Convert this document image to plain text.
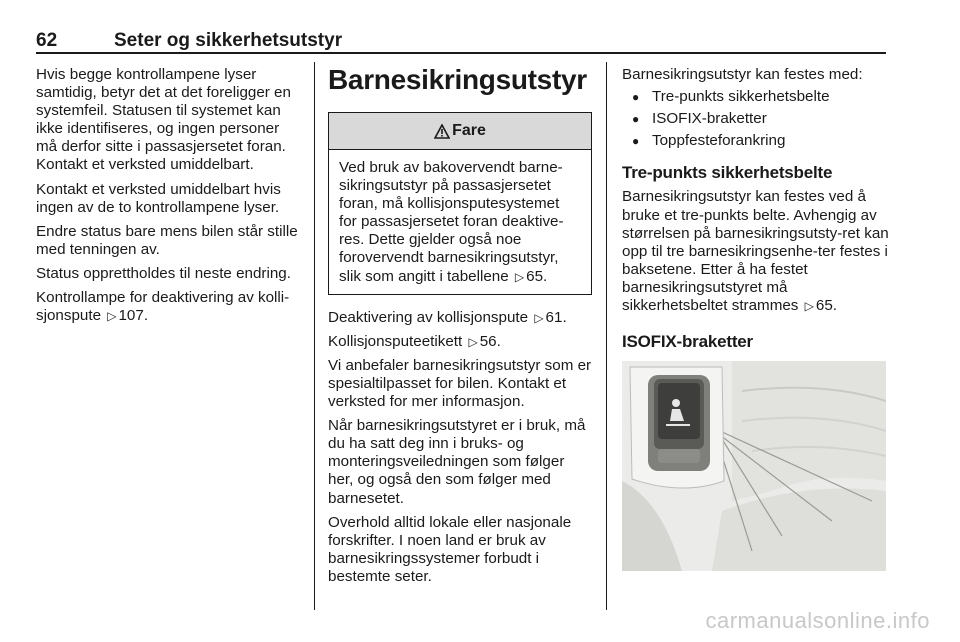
62	Seter og sikkerhetsutstyr

Hvis begge kontrollampene lyser samtidig, betyr det at det foreligger en systemfeil. Statusen til systemet kan ikke identifiseres, og ingen personer må derfor sitte i passasjersetet foran. Kontakt et verksted umiddelbart.

Kontakt et verksted umiddelbart hvis ingen av de to kontrollampene lyser.

Endre status bare mens bilen står stille med tenningen av.

Status opprettholdes til neste endring.

Kontrollampe for deaktivering av kolli-sjonspute ▷ 107.

Barnesikringsutstyr
Fare

Ved bruk av bakovervendt barne-sikringsutstyr på passasjersetet foran, må kollisjonsputesystemet for passasjersetet foran deaktive-res. Dette gjelder også noe forovervendt barnesikringsutstyr, slik som angitt i tabellene ▷ 65.

Deaktivering av kollisjonspute ▷ 61.

Kollisjonsputeetikett ▷ 56.

Vi anbefaler barnesikringsutstyr som er spesialtilpasset for bilen. Kontakt et verksted for mer informasjon.

Når barnesikringsutstyret er i bruk, må du ha satt deg inn i bruks- og monteringsveiledningen som følger her, og også den som følger med barnesetet.

Overhold alltid lokale eller nasjonale forskrifter. I noen land er bruk av barnesikringssystemer forbudt i bestemte seter.

Barnesikringsutstyr kan festes med:

● Tre-punkts sikkerhetsbelte
● ISOFIX-braketter
● Toppfesteforankring
Tre-punkts sikkerhetsbelte

Barnesikringsutstyr kan festes ved å bruke et tre-punkts belte. Avhengig av størrelsen på barnesikringsutsty-ret kan opp til tre barnesikringsenhe-ter festes i baksetene. Etter å ha festet barnesikringsutstyret må sikkerhetsbeltet strammes ▷ 65.

ISOFIX-braketter
carmanualsonline.info
